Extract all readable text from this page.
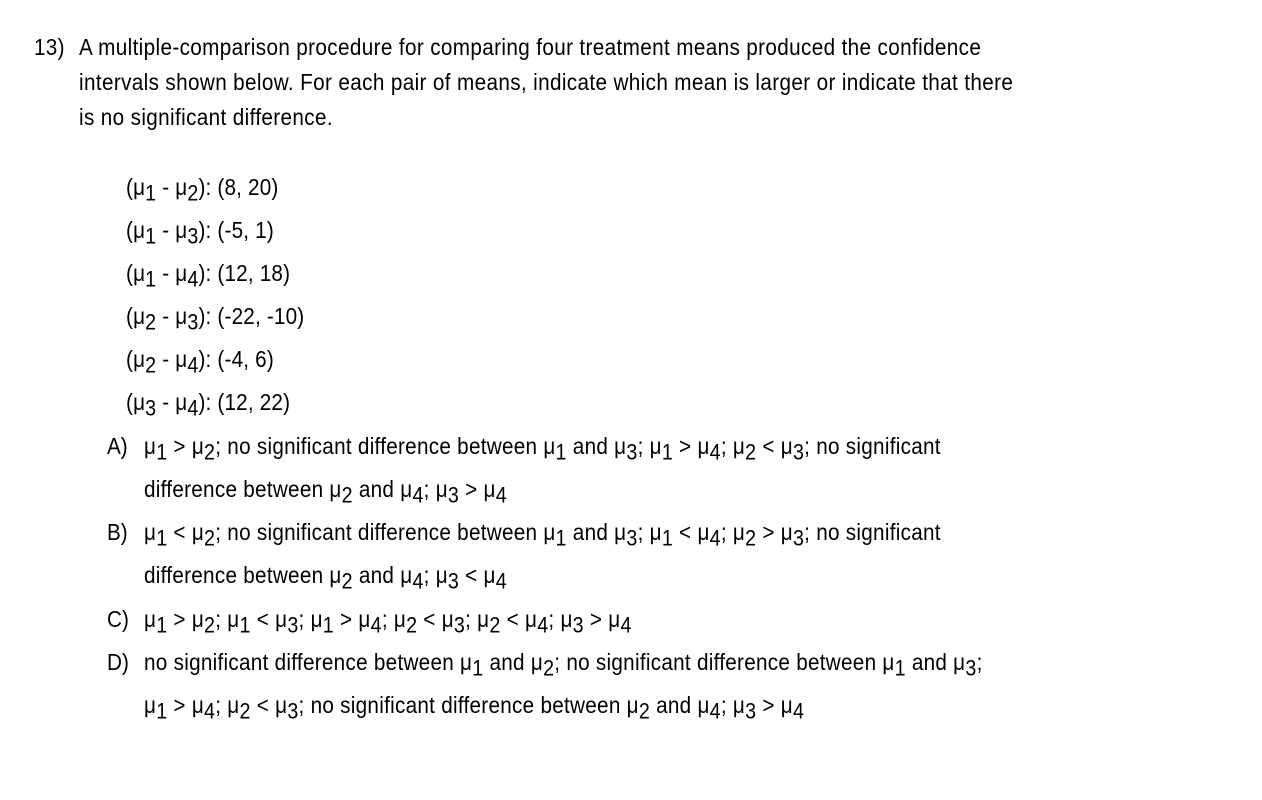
13) A multiple-comparison procedure for comparing four treatment means produced the confidence
intervals shown below. For each pair of means, indicate which mean is larger or indicate that there
is no significant difference.
$(\mu_1 - \mu_2)$: (8, 20)
$(\mu_1 - \mu_3)$: (-5, 1)
$(\mu_1 - \mu_4)$: (12, 18)
$(\mu_2 - \mu_3)$: (-22, -10)
$(\mu_2 - \mu_4)$: (-4, 6)
$(\mu_3 - \mu_4)$: (12, 22)
A) $\mu_1 > \mu_2$; no significant difference between $\mu_1$ and $\mu_3$; $\mu_1 > \mu_4$; $\mu_2 < \mu_3$; no significant
difference between $\mu_2$ and $\mu_4$; $\mu_3 > \mu_4$
B) $\mu_1 < \mu_2$; no significant difference between $\mu_1$ and $\mu_3$; $\mu_1 < \mu_4$; $\mu_2 > \mu_3$; no significant
difference between $\mu_2$ and $\mu_4$; $\mu_3 < \mu_4$
C) $\mu_1 > \mu_2$; $\mu_1 < \mu_3$; $\mu_1 > \mu_4$; $\mu_2 < \mu_3$; $\mu_2 < \mu_4$; $\mu_3 > \mu_4$
D) no significant difference between $\mu_1$ and $\mu_2$; no significant difference between $\mu_1$ and $\mu_3$;
$\mu_1 > \mu_4$; $\mu_2 < \mu_3$; no significant difference between $\mu_2$ and $\mu_4$; $\mu_3 > \mu_4$
